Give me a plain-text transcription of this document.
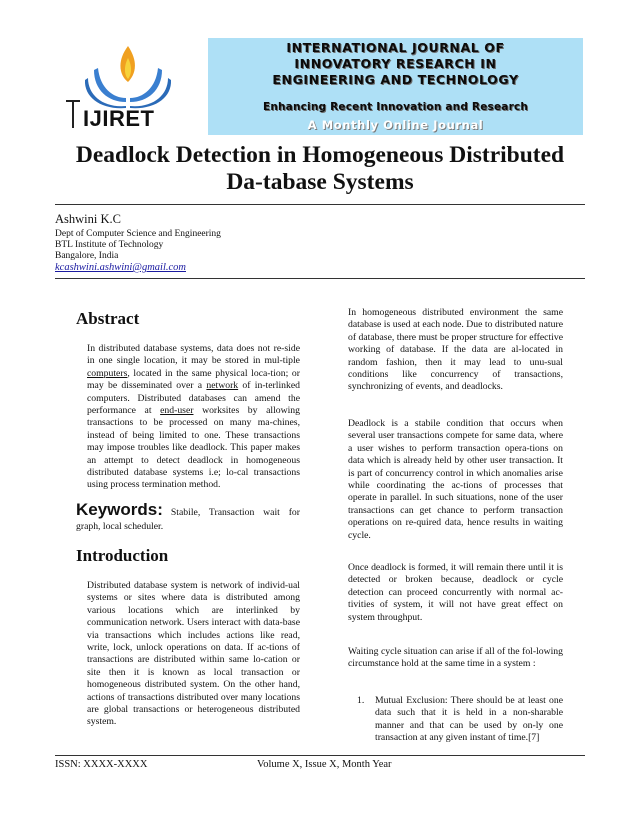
IJIRET
INTERNATIONAL JOURNAL OF
INNOVATORY RESEARCH IN
ENGINEERING AND TECHNOLOGY
Enhancing Recent Innovation and Research
A Monthly Online Journal
Deadlock Detection in Homogeneous Distributed Da-tabase Systems
Ashwini K.C
Dept of Computer Science and Engineering
BTL Institute of Technology
Bangalore, India
kcashwini.ashwini@gmail.com
Abstract
In distributed database systems, data does not re-side in one single location, it may be stored in mul-tiple computers, located in the same physical loca-tion; or may be disseminated over a network of in-terlinked computers. Distributed databases can amend the performance at end-user worksites by allowing transactions to be processed on many ma-chines, instead of being limited to one. These transactions may impose troubles like deadlock. This paper makes an attempt to detect deadlock in homogeneous distributed database systems i.e; lo-cal transactions using process termination method.
Keywords: Stabile, Transaction wait for graph, local scheduler.
Introduction
Distributed database system is network of individ-ual systems or sites where data is distributed among various locations which are interlinked by communication network. Users interact with data-base via transactions which includes actions like read, write, lock, unlock operations on data. If ac-tions of transactions are distributed within same lo-cation or site then it is known as local transaction or homogeneous distributed system. On the other hand, actions of transactions distributed over many locations are global transactions or heterogeneous distributed system.
In homogeneous distributed environment the same database is used at each node. Due to distributed nature of database, there must be proper structure for effective working of database. If the data are al-located in random fashion, then it may lead to unu-sual conditions like concurrency of transactions, synchronizing of events, and deadlocks.
Deadlock is a stabile condition that occurs when several user transactions compete for same data, where a user wishes to perform transaction opera-tions on data which is already held by other user transaction. It is part of concurrency control in which anomalies arise while coordinating the ac-tions of processes that operate in parallel. In such situations, none of the user transactions can get chance to perform transaction operations on re-quired data, hence results in waiting cycle.
Once deadlock is formed, it will remain there until it is detected or broken because, deadlock or cycle detection can proceed concurrently with normal ac-tivities of system, it will not have great effect on system throughput.
Waiting cycle situation can arise if all of the fol-lowing circumstance hold at the same time in a system :
1. Mutual Exclusion: There should be at least one data such that it is held in a non-sharable manner and that can be used by on-ly one transaction at any given instant of time.[7]
ISSN: XXXX-XXXX	Volume X, Issue X, Month Year
